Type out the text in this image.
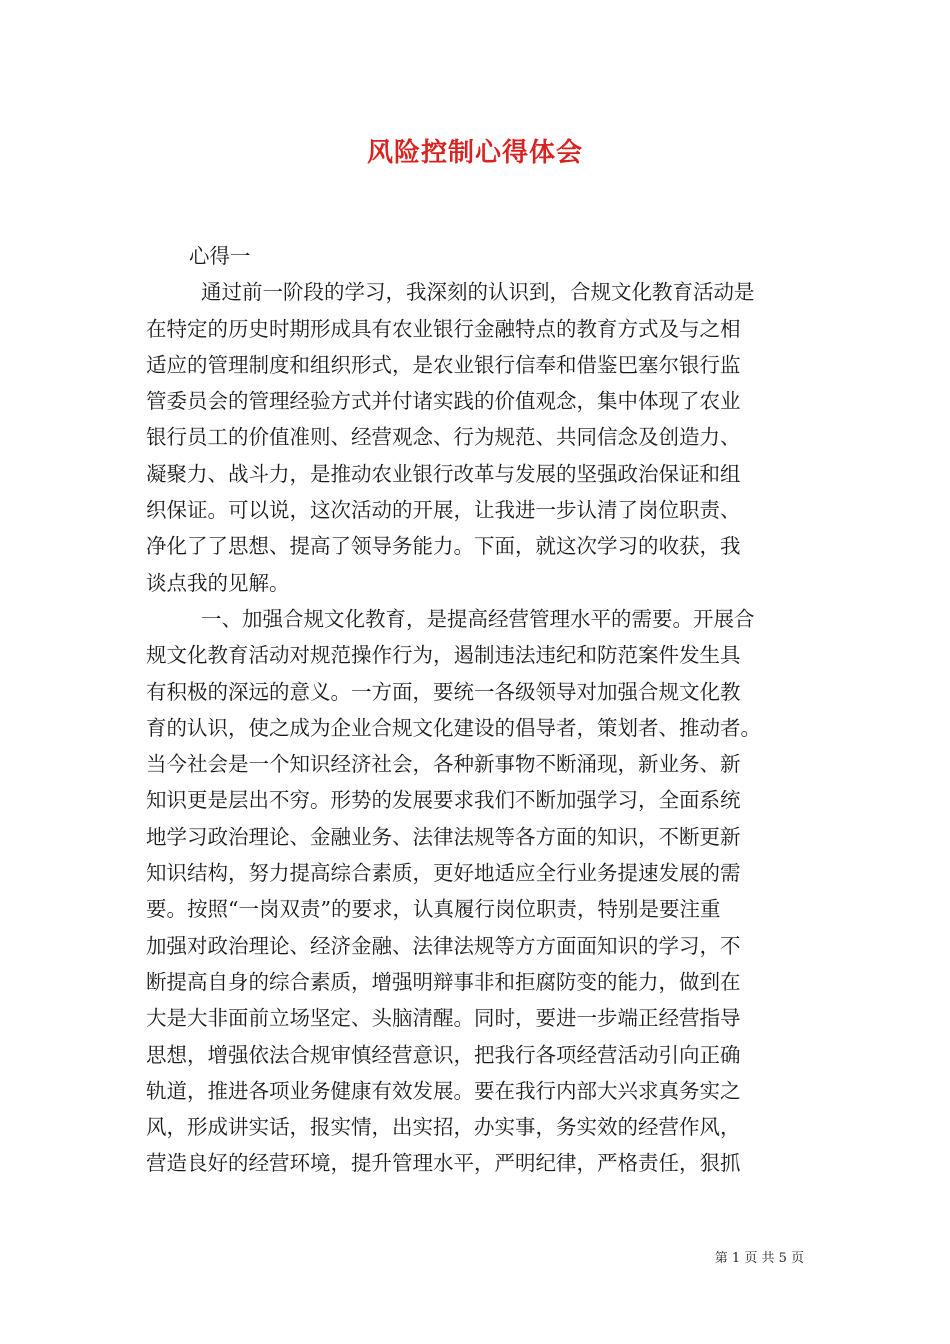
风险控制心得体会
心得一
通过前一阶段的学习，我深刻的认识到，合规文化教育活动是
在特定的历史时期形成具有农业银行金融特点的教育方式及与之相
适应的管理制度和组织形式，是农业银行信奉和借鉴巴塞尔银行监
管委员会的管理经验方式并付诸实践的价值观念，集中体现了农业
银行员工的价值准则、经营观念、行为规范、共同信念及创造力、
凝聚力、战斗力，是推动农业银行改革与发展的坚强政治保证和组
织保证。可以说，这次活动的开展，让我进一步认清了岗位职责、
净化了了思想、提高了领导务能力。下面，就这次学习的收获，我
谈点我的见解。
一、加强合规文化教育，是提高经营管理水平的需要。开展合
规文化教育活动对规范操作行为，遏制违法违纪和防范案件发生具
有积极的深远的意义。一方面，要统一各级领导对加强合规文化教
育的认识，使之成为企业合规文化建设的倡导者，策划者、推动者。
当今社会是一个知识经济社会，各种新事物不断涌现，新业务、新
知识更是层出不穷。形势的发展要求我们不断加强学习，全面系统
地学习政治理论、金融业务、法律法规等各方面的知识，不断更新
知识结构，努力提高综合素质，更好地适应全行业务提速发展的需
要。按照“一岗双责”的要求，认真履行岗位职责，特别是要注重
加强对政治理论、经济金融、法律法规等方方面面知识的学习，不
断提高自身的综合素质，增强明辩事非和拒腐防变的能力，做到在
大是大非面前立场坚定、头脑清醒。同时，要进一步端正经营指导
思想，增强依法合规审慎经营意识，把我行各项经营活动引向正确
轨道，推进各项业务健康有效发展。要在我行内部大兴求真务实之
风，形成讲实话，报实情，出实招，办实事，务实效的经营作风，
营造良好的经营环境，提升管理水平，严明纪律，严格责任，狠抓
第 1 页 共 5 页
